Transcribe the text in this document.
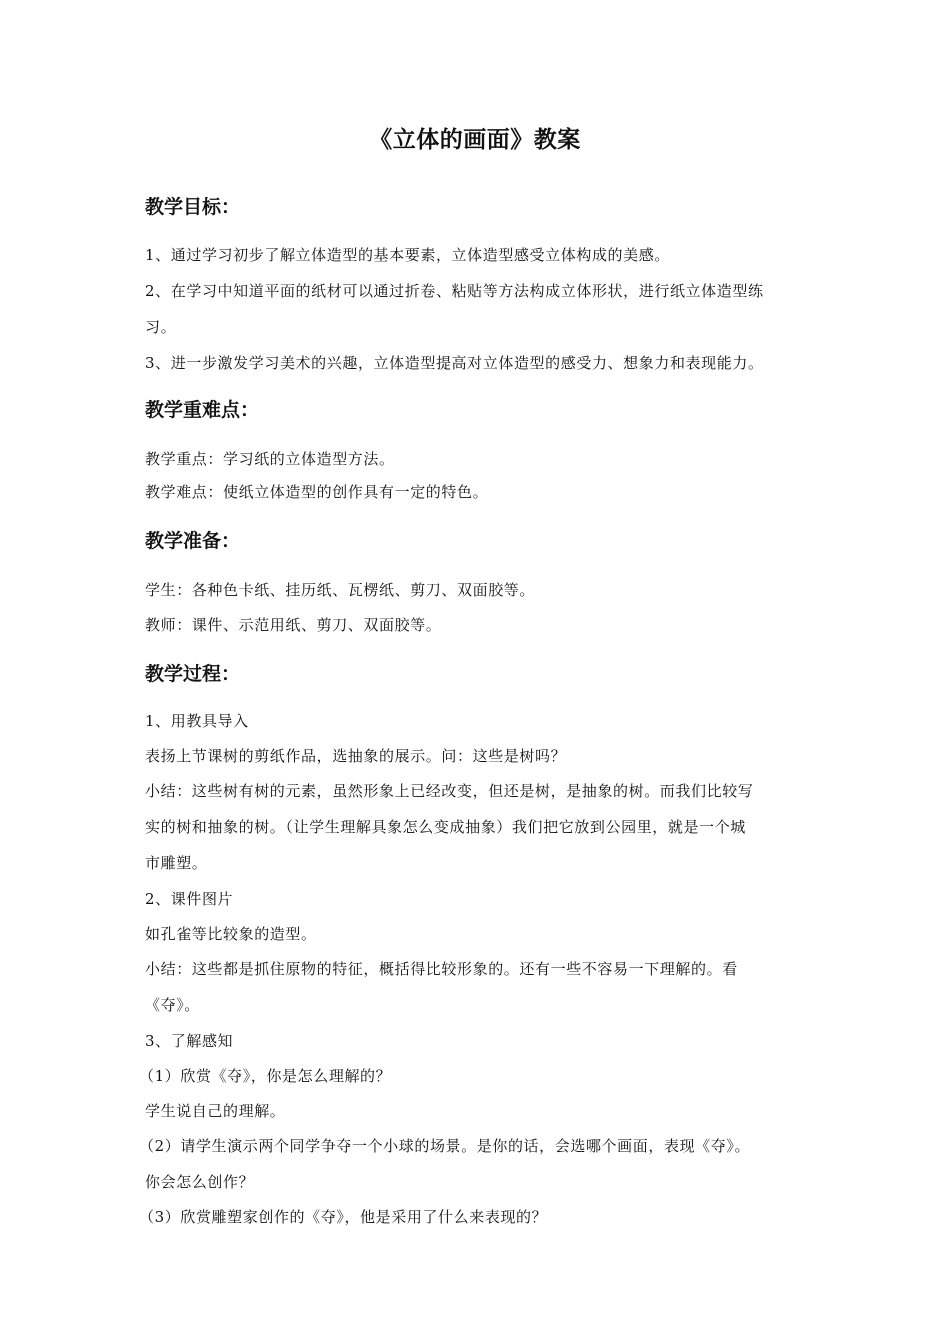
《立体的画面》教案
教学目标：
1、通过学习初步了解立体造型的基本要素，立体造型感受立体构成的美感。
2、在学习中知道平面的纸材可以通过折卷、粘贴等方法构成立体形状，进行纸立体造型练
习。
3、进一步激发学习美术的兴趣，立体造型提高对立体造型的感受力、想象力和表现能力。
教学重难点：
教学重点：学习纸的立体造型方法。
教学难点：使纸立体造型的创作具有一定的特色。
教学准备：
学生：各种色卡纸、挂历纸、瓦楞纸、剪刀、双面胶等。
教师：课件、示范用纸、剪刀、双面胶等。
教学过程：
1、用教具导入
表扬上节课树的剪纸作品，选抽象的展示。问：这些是树吗？
小结：这些树有树的元素，虽然形象上已经改变，但还是树，是抽象的树。而我们比较写
实的树和抽象的树。（让学生理解具象怎么变成抽象）我们把它放到公园里，就是一个城
市雕塑。
2、课件图片
如孔雀等比较象的造型。
小结：这些都是抓住原物的特征，概括得比较形象的。还有一些不容易一下理解的。看
《夺》。
3、了解感知
（1）欣赏《夺》，你是怎么理解的？
学生说自己的理解。
（2）请学生演示两个同学争夺一个小球的场景。是你的话，会选哪个画面，表现《夺》。
你会怎么创作？
（3）欣赏雕塑家创作的《夺》，他是采用了什么来表现的？
